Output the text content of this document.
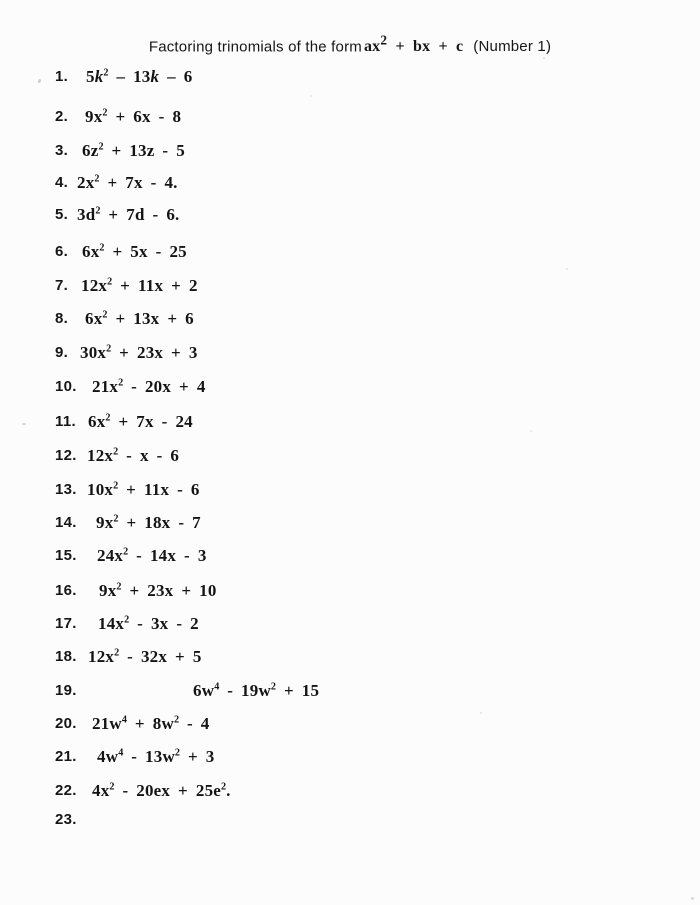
Factoring trinomials of the form $ax^2$ + bx + c (Number 1)
1. $5k^2 - 13k - 6$
2. $9x^2 + 6x - 8$
3. $6z^2 + 13z - 5$
4. $2x^2 + 7x - 4$.
5. $3d^2 + 7d - 6$.
6. $6x^2 + 5x - 25$
7. $12x^2 + 11x + 2$
8. $6x^2 + 13x + 6$
9. $30x^2 + 23x + 3$
10. $21x^2 - 20x + 4$
11. $6x^2 + 7x - 24$
12. $12x^2$ - x - 6
13. $10x^2 + 11x - 6$
14. $9x^2 + 18x - 7$
15. $24x^2 - 14x - 3$
16. $9x^2 + 23x + 10$
17. $14x^2 - 3x - 2$
18. $12x^2 - 32x + 5$
19.	$6w^4 - 19w^2 + 15$
20. $21w^4 + 8w^2 - 4$
21. $4w^4 - 13w^2 + 3$
22. $4x^2 - 20ex + 25e^2$.
23.
